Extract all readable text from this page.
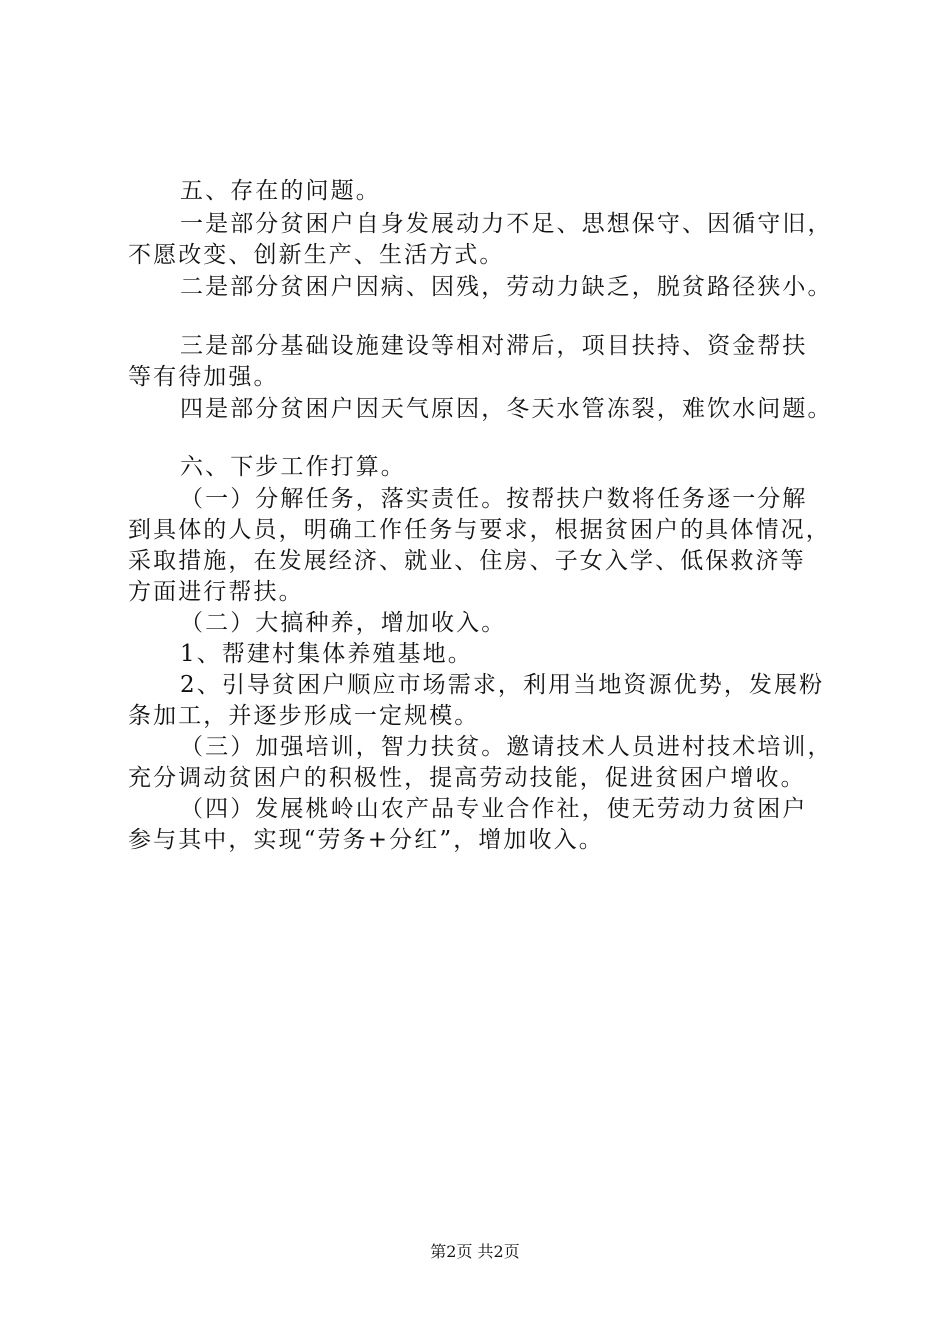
五、存在的问题。
一是部分贫困户自身发展动力不足、思想保守、因循守旧，
不愿改变、创新生产、生活方式。
二是部分贫困户因病、因残，劳动力缺乏，脱贫路径狭小。
三是部分基础设施建设等相对滞后，项目扶持、资金帮扶
等有待加强。
四是部分贫困户因天气原因，冬天水管冻裂，难饮水问题。
六、下步工作打算。
（一）分解任务，落实责任。按帮扶户数将任务逐一分解
到具体的人员，明确工作任务与要求，根据贫困户的具体情况，
采取措施，在发展经济、就业、住房、子女入学、低保救济等
方面进行帮扶。
（二）大搞种养，增加收入。
1、帮建村集体养殖基地。
2、引导贫困户顺应市场需求，利用当地资源优势，发展粉
条加工，并逐步形成一定规模。
（三）加强培训，智力扶贫。邀请技术人员进村技术培训，
充分调动贫困户的积极性，提高劳动技能，促进贫困户增收。
（四）发展桃岭山农产品专业合作社，使无劳动力贫困户
参与其中，实现“劳务+分红”，增加收入。
第2页 共2页
